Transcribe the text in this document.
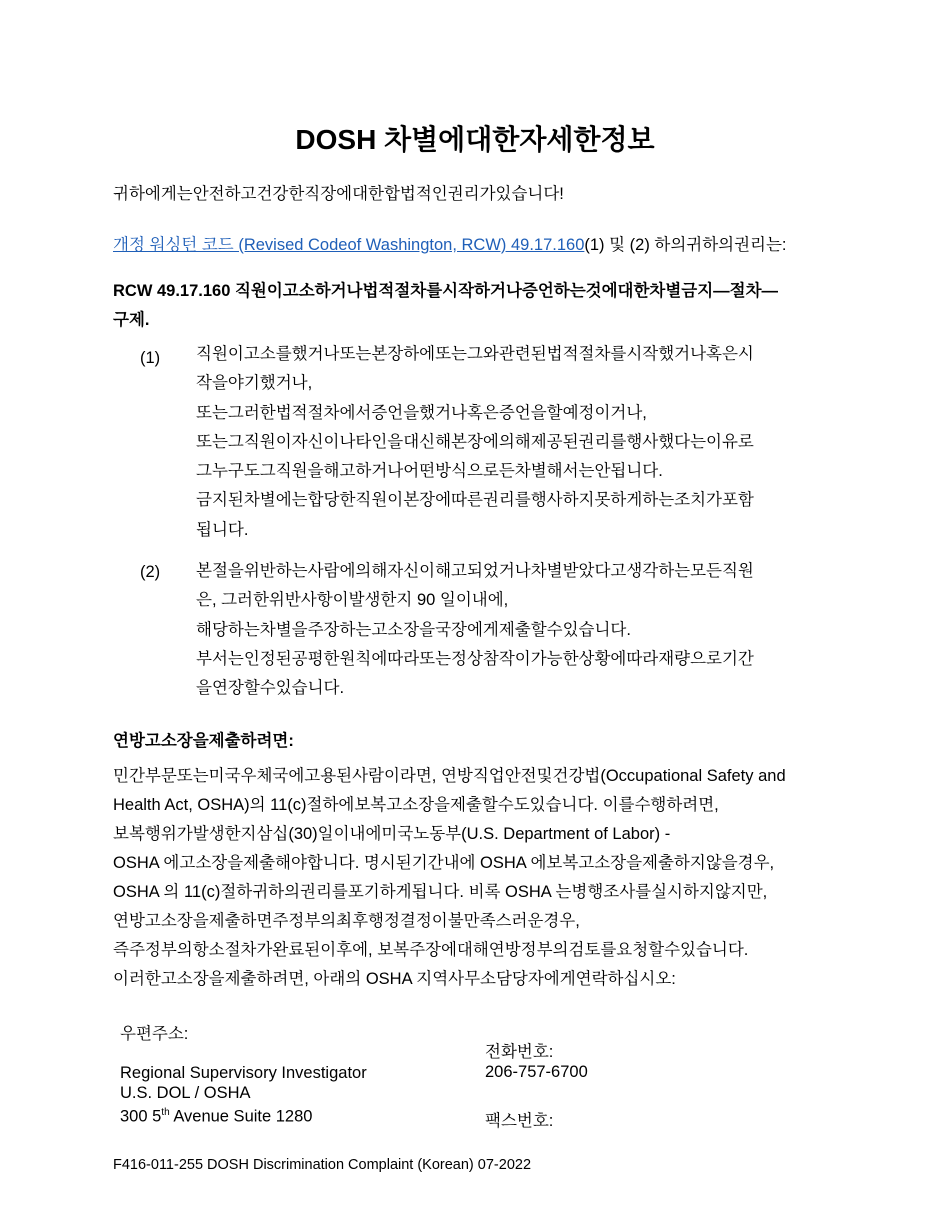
DOSH 차별에대한자세한정보

귀하에게는안전하고건강한직장에대한합법적인권리가있습니다!

개정 워싱턴 코드 (Revised Codeof Washington, RCW) 49.17.160(1) 및 (2) 하의귀하의권리는:

RCW 49.17.160 직원이고소하거나법적절차를시작하거나증언하는것에대한차별금지—절차—
구제.

(1) 직원이고소를했거나또는본장하에또는그와관련된법적절차를시작했거나혹은시
작을야기했거나,
또는그러한법적절차에서증언을했거나혹은증언을할예정이거나,
또는그직원이자신이나타인을대신해본장에의해제공된권리를행사했다는이유로
그누구도그직원을해고하거나어떤방식으로든차별해서는안됩니다.
금지된차별에는합당한직원이본장에따른권리를행사하지못하게하는조치가포함
됩니다.

(2) 본절을위반하는사람에의해자신이해고되었거나차별받았다고생각하는모든직원
은, 그러한위반사항이발생한지 90 일이내에,
해당하는차별을주장하는고소장을국장에게제출할수있습니다.
부서는인정된공평한원칙에따라또는정상참작이가능한상황에따라재량으로기간
을연장할수있습니다.

연방고소장을제출하려면:

민간부문또는미국우체국에고용된사람이라면, 연방직업안전및건강법(Occupational Safety and
Health Act, OSHA)의 11(c)절하에보복고소장을제출할수도있습니다. 이를수행하려면,
보복행위가발생한지삼십(30)일이내에미국노동부(U.S. Department of Labor) -
OSHA 에고소장을제출해야합니다. 명시된기간내에 OSHA 에보복고소장을제출하지않을경우,
OSHA 의 11(c)절하귀하의권리를포기하게됩니다. 비록 OSHA 는병행조사를실시하지않지만,
연방고소장을제출하면주정부의최후행정결정이불만족스러운경우,
즉주정부의항소절차가완료된이후에, 보복주장에대해연방정부의검토를요청할수있습니다.
이러한고소장을제출하려면, 아래의 OSHA 지역사무소담당자에게연락하십시오:

우편주소:

Regional Supervisory Investigator
U.S. DOL / OSHA
300 5th Avenue Suite 1280

전화번호:

206-757-6700

팩스번호:

F416-011-255 DOSH Discrimination Complaint (Korean) 07-2022
